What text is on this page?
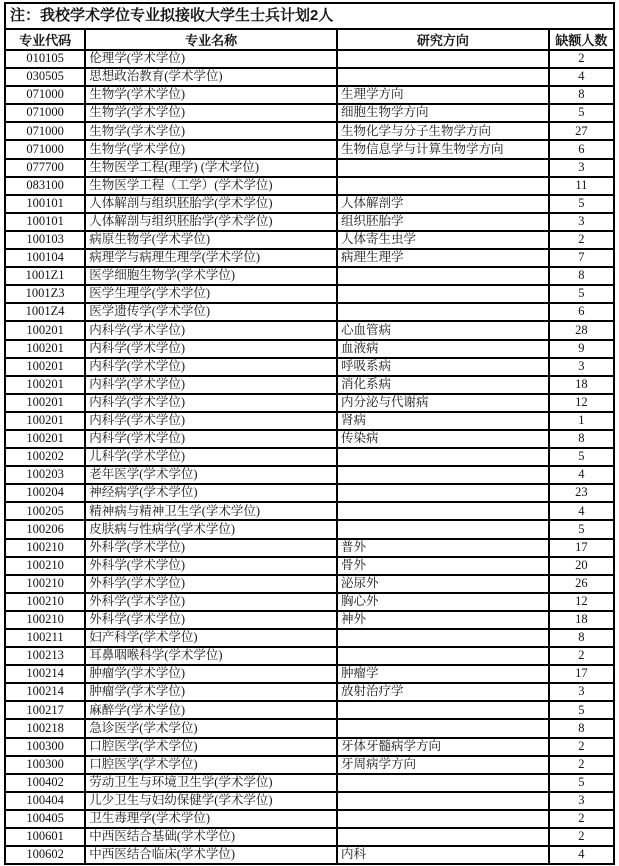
注：我校学术学位专业拟接收大学生士兵计划2人			
专业代码	专业名称	研究方向	缺额人数
010105	伦理学(学术学位)		2
030505	思想政治教育(学术学位)		4
071000	生物学(学术学位)	生理学方向	8
071000	生物学(学术学位)	细胞生物学方向	5
071000	生物学(学术学位)	生物化学与分子生物学方向	27
071000	生物学(学术学位)	生物信息学与计算生物学方向	6
077700	生物医学工程(理学) (学术学位)		3
083100	生物医学工程（工学）(学术学位)		11
100101	人体解剖与组织胚胎学(学术学位)	人体解剖学	5
100101	人体解剖与组织胚胎学(学术学位)	组织胚胎学	3
100103	病原生物学(学术学位)	人体寄生虫学	2
100104	病理学与病理生理学(学术学位)	病理生理学	7
1001Z1	医学细胞生物学(学术学位)		8
1001Z3	医学生理学(学术学位)		5
1001Z4	医学遗传学(学术学位)		6
100201	内科学(学术学位)	心血管病	28
100201	内科学(学术学位)	血液病	9
100201	内科学(学术学位)	呼吸系病	3
100201	内科学(学术学位)	消化系病	18
100201	内科学(学术学位)	内分泌与代谢病	12
100201	内科学(学术学位)	肾病	1
100201	内科学(学术学位)	传染病	8
100202	儿科学(学术学位)		5
100203	老年医学(学术学位)		4
100204	神经病学(学术学位)		23
100205	精神病与精神卫生学(学术学位)		4
100206	皮肤病与性病学(学术学位)		5
100210	外科学(学术学位)	普外	17
100210	外科学(学术学位)	骨外	20
100210	外科学(学术学位)	泌尿外	26
100210	外科学(学术学位)	胸心外	12
100210	外科学(学术学位)	神外	18
100211	妇产科学(学术学位)		8
100213	耳鼻咽喉科学(学术学位)		2
100214	肿瘤学(学术学位)	肿瘤学	17
100214	肿瘤学(学术学位)	放射治疗学	3
100217	麻醉学(学术学位)		5
100218	急诊医学(学术学位)		8
100300	口腔医学(学术学位)	牙体牙髓病学方向	2
100300	口腔医学(学术学位)	牙周病学方向	2
100402	劳动卫生与环境卫生学(学术学位)		5
100404	儿少卫生与妇幼保健学(学术学位)		3
100405	卫生毒理学(学术学位)		2
100601	中西医结合基础(学术学位)		2
100602	中西医结合临床(学术学位)	内科	4
